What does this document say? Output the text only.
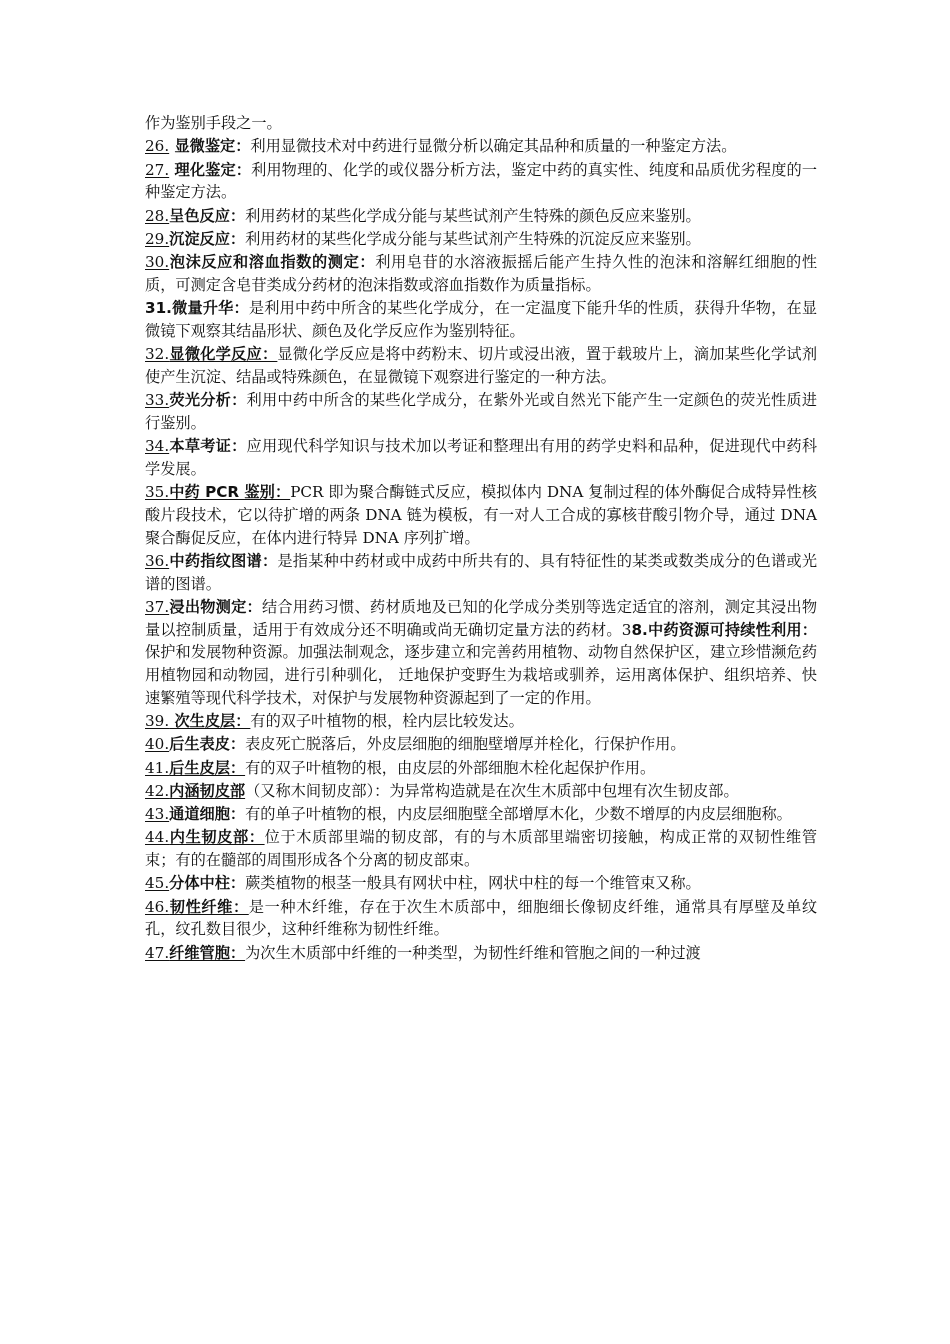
作为鉴别手段之一。
26. 显微鉴定：利用显微技术对中药进行显微分析以确定其品种和质量的一种鉴定方法。
27. 理化鉴定：利用物理的、化学的或仪器分析方法，鉴定中药的真实性、纯度和品质优劣程度的一种鉴定方法。
28.呈色反应：利用药材的某些化学成分能与某些试剂产生特殊的颜色反应来鉴别。
29.沉淀反应：利用药材的某些化学成分能与某些试剂产生特殊的沉淀反应来鉴别。
30.泡沫反应和溶血指数的测定：利用皂苷的水溶液振摇后能产生持久性的泡沫和溶解红细胞的性质，可测定含皂苷类成分药材的泡沫指数或溶血指数作为质量指标。
31.微量升华：是利用中药中所含的某些化学成分，在一定温度下能升华的性质，获得升华物，在显微镜下观察其结晶形状、颜色及化学反应作为鉴别特征。
32.显微化学反应：显微化学反应是将中药粉末、切片或浸出液，置于载玻片上，滴加某些化学试剂使产生沉淀、结晶或特殊颜色，在显微镜下观察进行鉴定的一种方法。
33.荧光分析：利用中药中所含的某些化学成分，在紫外光或自然光下能产生一定颜色的荧光性质进行鉴别。
34.本草考证：应用现代科学知识与技术加以考证和整理出有用的药学史料和品种，促进现代中药科学发展。
35.中药 PCR 鉴别：PCR 即为聚合酶链式反应，模拟体内 DNA 复制过程的体外酶促合成特异性核酸片段技术，它以待扩增的两条 DNA 链为模板，有一对人工合成的寡核苷酸引物介导，通过 DNA 聚合酶促反应，在体内进行特异 DNA 序列扩增。
36.中药指纹图谱：是指某种中药材或中成药中所共有的、具有特征性的某类或数类成分的色谱或光谱的图谱。
37.浸出物测定：结合用药习惯、药材质地及已知的化学成分类别等选定适宜的溶剂，测定其浸出物量以控制质量，适用于有效成分还不明确或尚无确切定量方法的药材。38.中药资源可持续性利用：保护和发展物种资源。加强法制观念，逐步建立和完善药用植物、动物自然保护区，建立珍惜濒危药用植物园和动物园，进行引种驯化， 迁地保护变野生为栽培或驯养，运用离体保护、组织培养、快速繁殖等现代科学技术，对保护与发展物种资源起到了一定的作用。
39. 次生皮层：有的双子叶植物的根，栓内层比较发达。
40.后生表皮：表皮死亡脱落后，外皮层细胞的细胞壁增厚并栓化，行保护作用。
41.后生皮层：有的双子叶植物的根，由皮层的外部细胞木栓化起保护作用。
42.内涵韧皮部（又称木间韧皮部）：为异常构造就是在次生木质部中包埋有次生韧皮部。
43.通道细胞：有的单子叶植物的根，内皮层细胞壁全部增厚木化，少数不增厚的内皮层细胞称。
44.内生韧皮部：位于木质部里端的韧皮部，有的与木质部里端密切接触，构成正常的双韧性维管束；有的在髓部的周围形成各个分离的韧皮部束。
45.分体中柱：蕨类植物的根茎一般具有网状中柱，网状中柱的每一个维管束又称。
46.韧性纤维：是一种木纤维，存在于次生木质部中，细胞细长像韧皮纤维，通常具有厚壁及单纹孔，纹孔数目很少，这种纤维称为韧性纤维。
47.纤维管胞：为次生木质部中纤维的一种类型，为韧性纤维和管胞之间的一种过渡
